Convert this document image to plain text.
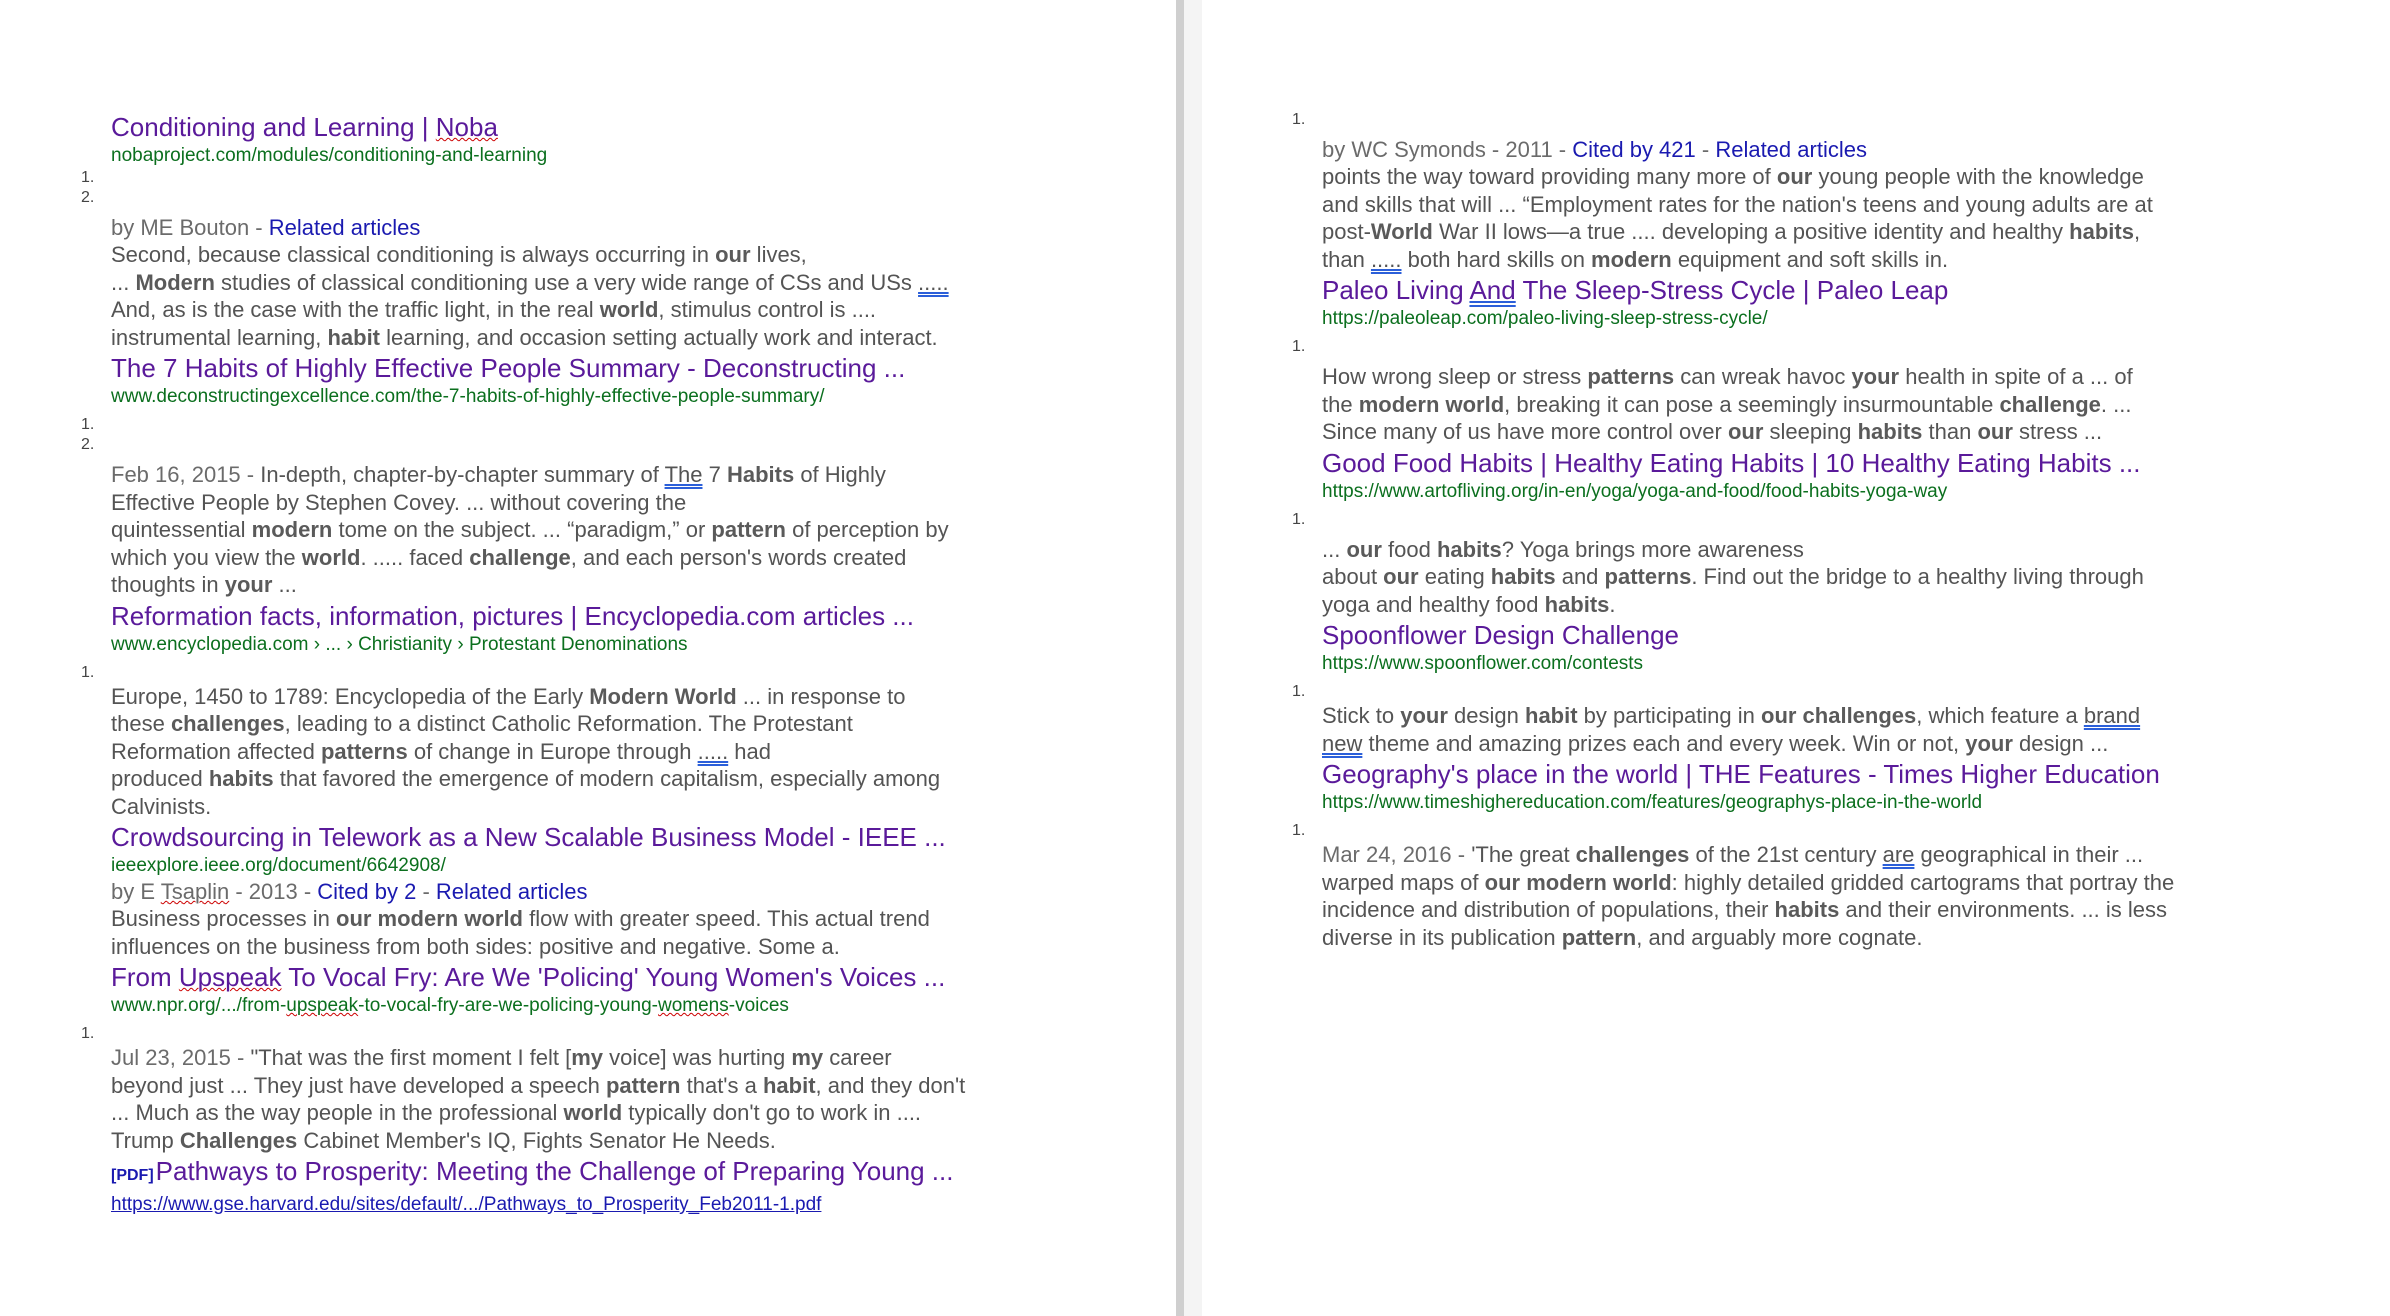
Conditioning and Learning | Noba
nobaproject.com/modules/conditioning-and-learning
1.
2.
by ME Bouton - Related articles
Second, because classical conditioning is always occurring in our lives,
... Modern studies of classical conditioning use a very wide range of CSs and USs .....
And, as is the case with the traffic light, in the real world, stimulus control is ....
instrumental learning, habit learning, and occasion setting actually work and interact.
The 7 Habits of Highly Effective People Summary - Deconstructing ...
www.deconstructingexcellence.com/the-7-habits-of-highly-effective-people-summary/
1.
2.
Feb 16, 2015 - In-depth, chapter-by-chapter summary of The 7 Habits of Highly
Effective People by Stephen Covey. ... without covering the
quintessential modern tome on the subject. ... “paradigm,” or pattern of perception by
which you view the world. ..... faced challenge, and each person's words created
thoughts in your ...
Reformation facts, information, pictures | Encyclopedia.com articles ...
www.encyclopedia.com › ... › Christianity › Protestant Denominations
1.
Europe, 1450 to 1789: Encyclopedia of the Early Modern World ... in response to
these challenges, leading to a distinct Catholic Reformation. The Protestant
Reformation affected patterns of change in Europe through ..... had
produced habits that favored the emergence of modern capitalism, especially among
Calvinists.
Crowdsourcing in Telework as a New Scalable Business Model - IEEE ...
ieeexplore.ieee.org/document/6642908/
by E Tsaplin - 2013 - Cited by 2 - Related articles
Business processes in our modern world flow with greater speed. This actual trend
influences on the business from both sides: positive and negative. Some a.
From Upspeak To Vocal Fry: Are We 'Policing' Young Women's Voices ...
www.npr.org/.../from-upspeak-to-vocal-fry-are-we-policing-young-womens-voices
1.
Jul 23, 2015 - "That was the first moment I felt [my voice] was hurting my career
beyond just ... They just have developed a speech pattern that's a habit, and they don't
... Much as the way people in the professional world typically don't go to work in ....
Trump Challenges Cabinet Member's IQ, Fights Senator He Needs.
[PDF]Pathways to Prosperity: Meeting the Challenge of Preparing Young ...
https://www.gse.harvard.edu/sites/default/.../Pathways_to_Prosperity_Feb2011-1.pdf
1.
by WC Symonds - 2011 - Cited by 421 - Related articles
points the way toward providing many more of our young people with the knowledge
and skills that will ... “Employment rates for the nation's teens and young adults are at
post-World War II lows—a true .... developing a positive identity and healthy habits,
than ..... both hard skills on modern equipment and soft skills in.
Paleo Living And The Sleep-Stress Cycle | Paleo Leap
https://paleoleap.com/paleo-living-sleep-stress-cycle/
1.
How wrong sleep or stress patterns can wreak havoc your health in spite of a ... of
the modern world, breaking it can pose a seemingly insurmountable challenge. ...
Since many of us have more control over our sleeping habits than our stress ...
Good Food Habits | Healthy Eating Habits | 10 Healthy Eating Habits ...
https://www.artofliving.org/in-en/yoga/yoga-and-food/food-habits-yoga-way
1.
... our food habits? Yoga brings more awareness
about our eating habits and patterns. Find out the bridge to a healthy living through
yoga and healthy food habits.
Spoonflower Design Challenge
https://www.spoonflower.com/contests
1.
Stick to your design habit by participating in our challenges, which feature a brand
new theme and amazing prizes each and every week. Win or not, your design ...
Geography's place in the world | THE Features - Times Higher Education
https://www.timeshighereducation.com/features/geographys-place-in-the-world
1.
Mar 24, 2016 - 'The great challenges of the 21st century are geographical in their ...
warped maps of our modern world: highly detailed gridded cartograms that portray the
incidence and distribution of populations, their habits and their environments. ... is less
diverse in its publication pattern, and arguably more cognate.
